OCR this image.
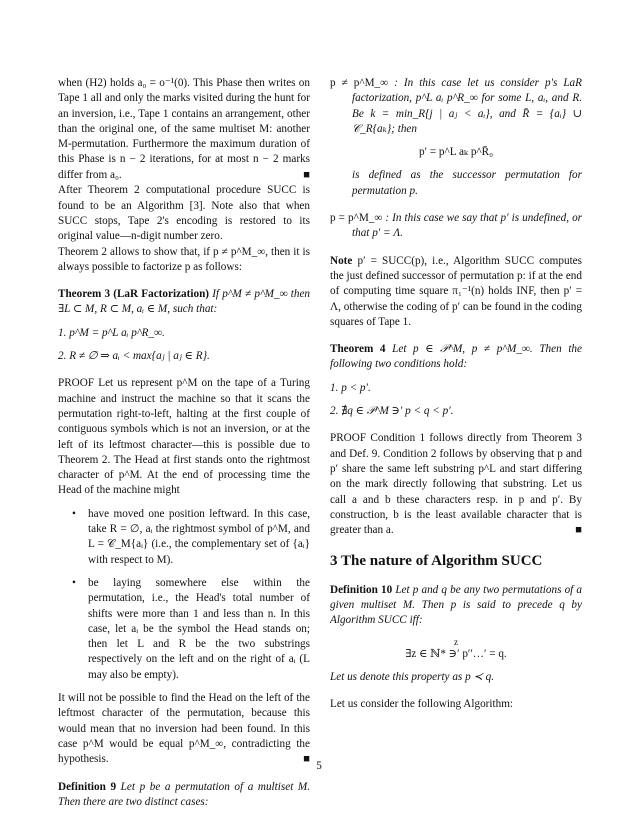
when (H2) holds a₀ = o⁻¹(0). This Phase then writes on Tape 1 all and only the marks visited during the hunt for an inversion, i.e., Tape 1 contains an arrangement, other than the original one, of the same multiset M: another M-permutation. Furthermore the maximum duration of this Phase is n − 2 iterations, for at most n − 2 marks differ from a₀.	■

After Theorem 2 computational procedure SUCC is found to be an Algorithm [3]. Note also that when SUCC stops, Tape 2's encoding is restored to its original value—n-digit number zero.

Theorem 2 allows to show that, if p ≠ p^M_∞, then it is always possible to factorize p as follows:

Theorem 3 (LaR Factorization) If p^M ≠ p^M_∞ then ∃L ⊂ M, R ⊂ M, aᵢ ∈ M, such that:

1. p^M = p^L aᵢ p^R_∞.

2. R ≠ ∅ ⇒ aᵢ < max{aⱼ | aⱼ ∈ R}.

PROOF Let us represent p^M on the tape of a Turing machine and instruct the machine so that it scans the permutation right-to-left, halting at the first couple of contiguous symbols which is not an inversion, or at the left of its leftmost character—this is possible due to Theorem 2. The Head at first stands onto the rightmost character of p^M. At the end of processing time the Head of the machine might

• have moved one position leftward. In this case, take R = ∅, aᵢ the rightmost symbol of p^M, and L = 𝒞_M{aᵢ} (i.e., the complementary set of {aᵢ} with respect to M).

• be laying somewhere else within the permutation, i.e., the Head's total number of shifts were more than 1 and less than n. In this case, let aᵢ be the symbol the Head stands on; then let L and R be the two substrings respectively on the left and on the right of aᵢ (L may also be empty).

It will not be possible to find the Head on the left of the leftmost character of the permutation, because this would mean that no inversion had been found. In this case p^M would be equal p^M_∞, contradicting the hypothesis.	■

Definition 9 Let p be a permutation of a multiset M. Then there are two distinct cases:

p ≠ p^M_∞ : In this case let us consider p's LaR factorization, p^L aᵢ p^R_∞ for some L, aᵢ, and R. Be k = min_R{j | aⱼ < aᵢ}, and R̄ = {aᵢ} ∪ 𝒞_R{aₖ}; then

p′ = p^L aₖ p^R̄₀

is defined as the successor permutation for permutation p.

p = p^M_∞ : In this case we say that p′ is undefined, or that p′ = Λ.

Note p′ = SUCC(p), i.e., Algorithm SUCC computes the just defined successor of permutation p: if at the end of computing time square π₁⁻¹(n) holds INF, then p′ = Λ, otherwise the coding of p′ can be found in the coding squares of Tape 1.

Theorem 4 Let p ∈ 𝒫^M, p ≠ p^M_∞. Then the following two conditions hold:

1. p < p′.

2. ∄q ∈ 𝒫^M ∋′ p < q < p′.

PROOF Condition 1 follows directly from Theorem 3 and Def. 9. Condition 2 follows by observing that p and p′ share the same left substring p^L and start differing on the mark directly following that substring. Let us call a and b these characters resp. in p and p′. By construction, b is the least available character that is greater than a.	■

3 The nature of Algorithm SUCC

Definition 10 Let p and q be any two permutations of a given multiset M. Then p is said to precede q by Algorithm SUCC iff:

z

∃z ∈ ℕ* ∋′ p′′…′ = q.

Let us denote this property as p ≺ q.

Let us consider the following Algorithm:

5
